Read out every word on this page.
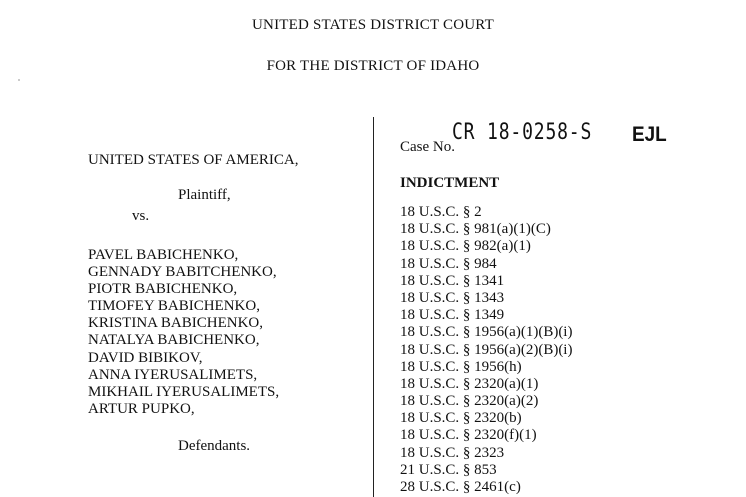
UNITED STATES DISTRICT COURT
FOR THE DISTRICT OF IDAHO
UNITED STATES OF AMERICA,
Plaintiff,
vs.
PAVEL BABICHENKO,
GENNADY BABITCHENKO,
PIOTR BABICHENKO,
TIMOFEY BABICHENKO,
KRISTINA BABICHENKO,
NATALYA BABICHENKO,
DAVID BIBIKOV,
ANNA IYERUSALIMETS,
MIKHAIL IYERUSALIMETS,
ARTUR PUPKO,
Defendants.
Case No.
CR 18-0258-S EJL
INDICTMENT
18 U.S.C. § 2
18 U.S.C. § 981(a)(1)(C)
18 U.S.C. § 982(a)(1)
18 U.S.C. § 984
18 U.S.C. § 1341
18 U.S.C. § 1343
18 U.S.C. § 1349
18 U.S.C. § 1956(a)(1)(B)(i)
18 U.S.C. § 1956(a)(2)(B)(i)
18 U.S.C. § 1956(h)
18 U.S.C. § 2320(a)(1)
18 U.S.C. § 2320(a)(2)
18 U.S.C. § 2320(b)
18 U.S.C. § 2320(f)(1)
18 U.S.C. § 2323
21 U.S.C. § 853
28 U.S.C. § 2461(c)
